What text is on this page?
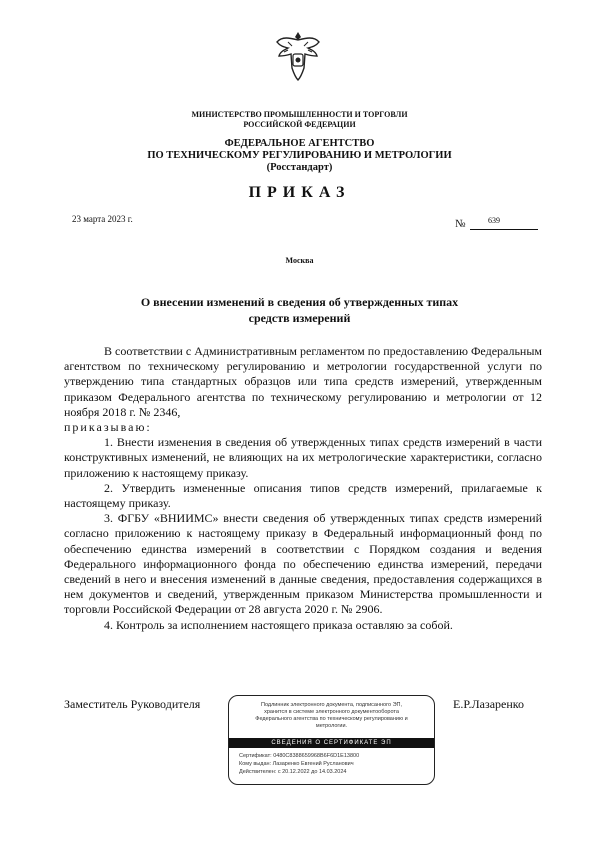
МИНИСТЕРСТВО ПРОМЫШЛЕННОСТИ И ТОРГОВЛИ
РОССИЙСКОЙ ФЕДЕРАЦИИ
ФЕДЕРАЛЬНОЕ АГЕНТСТВО
ПО ТЕХНИЧЕСКОМУ РЕГУЛИРОВАНИЮ И МЕТРОЛОГИИ
(Росстандарт)
ПРИКАЗ
23 марта 2023 г.	№	639
Москва
О внесении изменений в сведения об утвержденных типах
средств измерений

В соответствии с Административным регламентом по предоставлению Федеральным агентством по техническому регулированию и метрологии государственной услуги по утверждению типа стандартных образцов или типа средств измерений, утвержденным приказом Федерального агентства по техническому регулированию и метрологии от 12 ноября 2018 г. № 2346,

приказываю:

1. Внести изменения в сведения об утвержденных типах средств измерений в части конструктивных изменений, не влияющих на их метрологические характеристики, согласно приложению к настоящему приказу.

2. Утвердить измененные описания типов средств измерений, прилагаемые к настоящему приказу.

3. ФГБУ «ВНИИМС» внести сведения об утвержденных типах средств измерений согласно приложению к настоящему приказу в Федеральный информационный фонд по обеспечению единства измерений в соответствии с Порядком создания и ведения Федерального информационного фонда по обеспечению единства измерений, передачи сведений в него и внесения изменений в данные сведения, предоставления содержащихся в нем документов и сведений, утвержденным приказом Министерства промышленности и торговли Российской Федерации от 28 августа 2020 г. № 2906.

4. Контроль за исполнением настоящего приказа оставляю за собой.

Заместитель Руководителя	Е.Р.Лазаренко
Подлинник электронного документа, подписанного ЭП,
хранится в системе электронного документооборота
Федерального агентства по техническому регулированию и
метрологии.
СВЕДЕНИЯ О СЕРТИФИКАТЕ ЭП
Сертификат: 0480С8388659968B6F6D1E13800
Кому выдан: Лазаренко Евгений Русланович
Действителен: с 20.12.2022 до 14.03.2024
